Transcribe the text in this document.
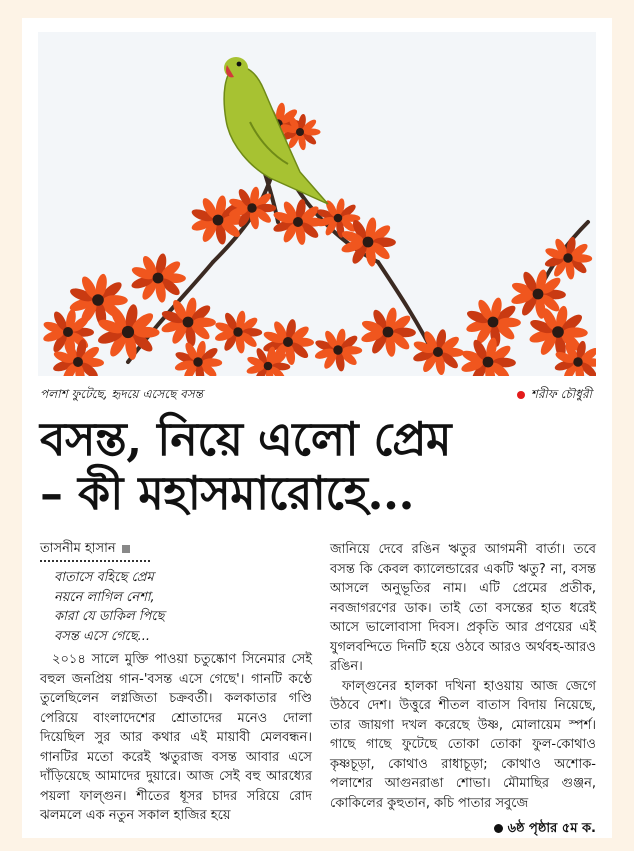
পলাশ ফুটেছে, হৃদয়ে এসেছে বসন্ত	শরীফ চৌধুরী
বসন্ত, নিয়ে এলো প্রেম
– কী মহাসমারোহে...
তাসনীম হাসান
বাতাসে বহিছে প্রেম
নয়নে লাগিল নেশা,
কারা যে ডাকিল পিছে
বসন্ত এসে গেছে...
২০১৪ সালে মুক্তি পাওয়া চতুষ্কোণ সিনেমার সেই বহুল জনপ্রিয় গান-'বসন্ত এসে গেছে'। গানটি কণ্ঠে তুলেছিলেন লগ্নজিতা চক্রবর্তী। কলকাতার গণ্ডি পেরিয়ে বাংলাদেশের শ্রোতাদের মনেও দোলা দিয়েছিল সুর আর কথার এই মায়াবী মেলবন্ধন। গানটির মতো করেই ঋতুরাজ বসন্ত আবার এসে দাঁড়িয়েছে আমাদের দুয়ারে। আজ সেই বহু আরধ্যের পয়লা ফাল্গুন। শীতের ধূসর চাদর সরিয়ে রোদ ঝলমলে এক নতুন সকাল হাজির হয়ে
জানিয়ে দেবে রঙিন ঋতুর আগমনী বার্তা। তবে বসন্ত কি কেবল ক্যালেন্ডারের একটি ঋতু? না, বসন্ত আসলে অনুভূতির নাম। এটি প্রেমের প্রতীক, নবজাগরণের ডাক। তাই তো বসন্তের হাত ধরেই আসে ভালোবাসা দিবস। প্রকৃতি আর প্রণয়ের এই যুগলবন্দিতে দিনটি হয়ে ওঠবে আরও অর্থবহ-আরও রঙিন।
ফাল্গুনের হালকা দখিনা হাওয়ায় আজ জেগে উঠবে দেশ। উত্তুরে শীতল বাতাস বিদায় নিয়েছে, তার জায়গা দখল করেছে উষ্ণ, মোলায়েম স্পর্শ। গাছে গাছে ফুটেছে তোকা তোকা ফুল-কোথাও কৃষ্ণচূড়া, কোথাও রাধাচূড়া; কোথাও অশোক-পলাশের আগুনরাঙা শোভা। মৌমাছির গুঞ্জন, কোকিলের কুহুতান, কচি পাতার সবুজে
৬ষ্ঠ পৃষ্ঠার ৫ম ক.
